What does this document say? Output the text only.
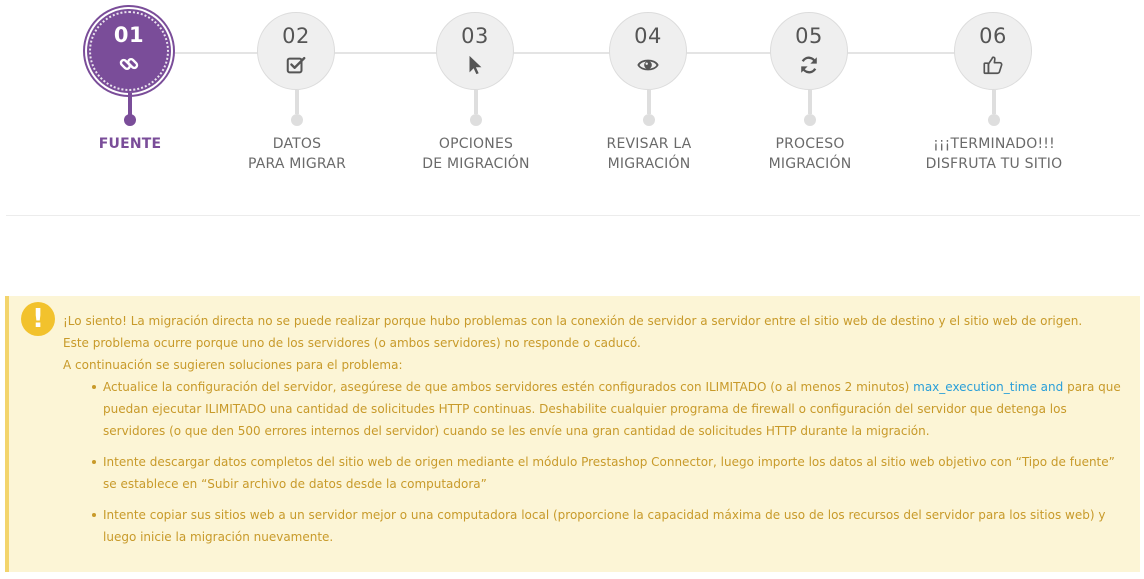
01
FUENTE
02
DATOS
PARA MIGRAR
03
OPCIONES
DE MIGRACIÓN
04
REVISAR LA
MIGRACIÓN
05
PROCESO
MIGRACIÓN
06
¡¡¡TERMINADO!!!
DISFRUTA TU SITIO
!	¡Lo siento! La migración directa no se puede realizar porque hubo problemas con la conexión de servidor a servidor entre el sitio web de destino y el sitio web de origen.

Este problema ocurre porque uno de los servidores (o ambos servidores) no responde o caducó.

A continuación se sugieren soluciones para el problema:

Actualice la configuración del servidor, asegúrese de que ambos servidores estén configurados con ILIMITADO (o al menos 2 minutos) max_execution_time and para que puedan ejecutar ILIMITADO una cantidad de solicitudes HTTP continuas. Deshabilite cualquier programa de firewall o configuración del servidor que detenga los servidores (o que den 500 errores internos del servidor) cuando se les envíe una gran cantidad de solicitudes HTTP durante la migración.
Intente descargar datos completos del sitio web de origen mediante el módulo Prestashop Connector, luego importe los datos al sitio web objetivo con “Tipo de fuente” se establece en “Subir archivo de datos desde la computadora”
Intente copiar sus sitios web a un servidor mejor o una computadora local (proporcione la capacidad máxima de uso de los recursos del servidor para los sitios web) y luego inicie la migración nuevamente.
